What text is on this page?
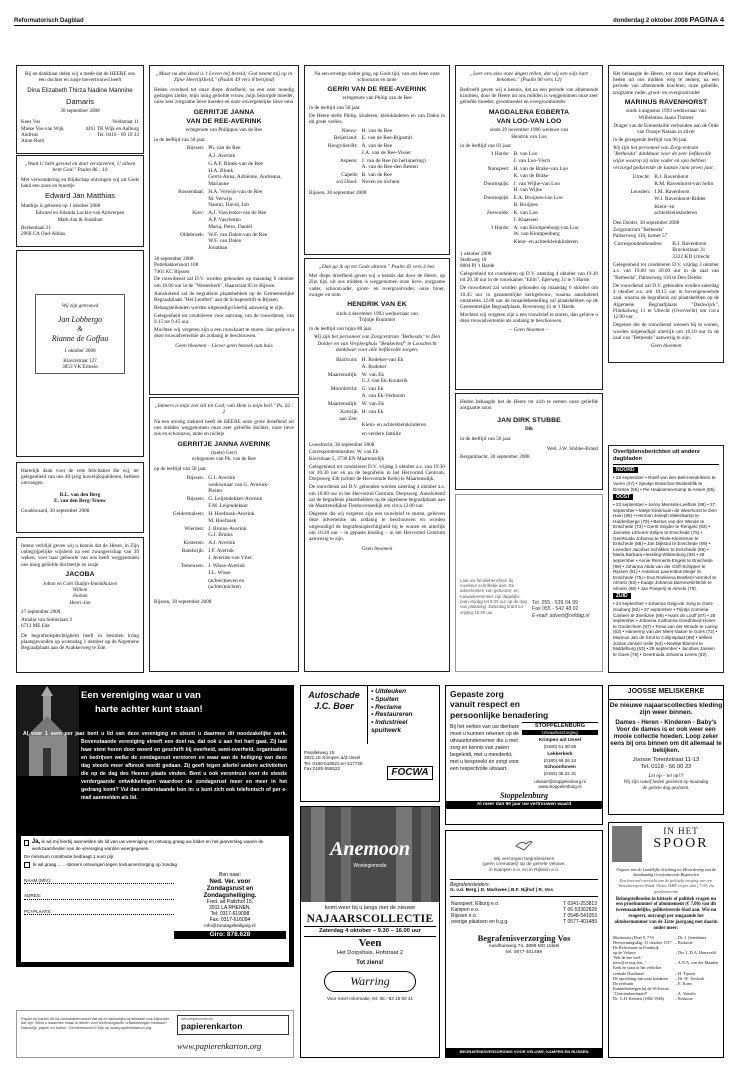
Reformatorisch Dagblad	donderdag 2 oktober 2008 PAGINA 4

Bij en dankbaar delen wij u mede dat de HEERE ons een dochter en zusje toevertrouwd heeft

Dina Elizabeth Thirza Nadine Mannine
Damaris
30 september 2008
Kees Vos
Mieke Vos-van Wijk
Andreas
Anne-Ruth
Veldstraat 11
4261 TB Wijk en Aalburg
Tel. 0416 - 69 10 33

„Want U hebt gevoed en doet verstaveren, U alleen bent God." Psalm 86 : 10

Met verwondering en blijdschap ontvingen wij uit Gods hand een zoon en broertje

Edward Jan Matthias

Matthijs is geboren op 1 oktober 2008

Edward en Jolanda Luckin-van Antwerpen
Mark-Jan & Jonathan

Berkenlaan 21
2969 CA Oud-Alblas

Wij zijn getrouwd
Jan Lobbergo
&
Rianne de Goffau
1 oktober 2008
Klavirstraat 127
3853 VK Ermelo

Hartelijk dank voor de vele felicitaties die wij, ter gelegenheid van ons 40-jarig huwelijksjubileum, hebben ontvangen.

R.L. van den Berg
E. van den Berg-Trouw

Goudswaard, 30 september 2008

Intens verblijd geven wij u kennis dat de Heere, in Zijn onbegrijpelijke wijsheid na een zwangerschap van 39 weken, voor haar geboorte van ons heeft weggenomen ons innig geliefde dochtertje en zusje

JACOBA

Johan en Cobi Oudijn-Immikhuizen
Willem
Joanna
Henri-Jan

27 september 2008

Amalia van Solmslaan 3
6713 ME Ede

De begrafenisplechtigheid heeft in besloten kring plaatsgevonden op woensdag 1 oktober op de Algemene Begraafplaats aan de Arakkerweg te Ede.

„Maar na den dood is 't Leven mij bereid; God neemt mij op in Zijne Heerlijkheid." (Psalm 49 vers 8 berijmd)

Heden overleed tot onze diepe droefheid, na een zeer moedig gedragen ziekte, mijn innig geliefde vrouw, mijn bezorgde moeder, onze zeer zorgzame lieve moeder en onze onvergetelijke lieve oma

GERRITJE JANNA
VAN DE REE-AVERINK
echtgenote van Philippus van de Ree

in de leeftijd van 58 jaar.

Rijssen:	Ph. van de Ree
	A.J. Averink
	G.A.F. Blonk-van de Ree
H.A. Blonk
Gerrit-Anna, Adriënne, Andreana, Marianne
Rossendaal:	H.A. Verwijs-van de Ree
M. Verwijs
Naomi, David, Job
Kiev:	A.J. Vasylenko-van de Ree
A.P. Vasylenko
Maria, Petro, Daniël
Oldebroek:	W.F. van Dalen-van de Ree
W.F. van Dalen
Jonathan

30 september 2008
Pottebakkersoort 108
7461 KC Rijssen

De rouwdienst zal D.V. worden gehouden op maandag 6 oktober om 10.00 uur in de "Westerkerk", Haarstraat 85 te Rijssen.

Aansluitend zal de begrafenis plaatshebben op de Gemeentelijke Begraafplaats "Het Lentfert" aan de Schapendrift te Rijssen.

Belangstellenden worden uitgenodigd hierbij aanwezig te zijn.

Gelegenheid tot condoleren voor aanvang van de rouwdienst, van 9.15 tot 9.45 uur.

Mochten wij vergeten zijn u een rouwkaart te sturen, dan gelieve u deze rouwadvertentie als zodanig te beschouwen.

Geen bloemen – Liever geen bezoek aan huis

„Immers is mijn ziel stil tot God; van Hem is mijn heil." Ps. 62 : 2

Na een ernstig ziekbed heeft de HEERE onze grote droefheid uit ons midden weggenomen onze zeer geliefde dochter, onze lieve zus en schoonzus, tante en nichtje

GERRITJE JANNA AVERINK
(tante) Gerri
echtgenote van Ph. van de Ree

op de leeftijd van 58 jaar.

Rijssen:	G.J. Averink
weduwnaar van G. Averink-
Pleiter
Rijssen:	G. Leijendekker-Averink
F.M. Leijendekker
Geldermalsen:	H. Hoefnask-Averink
M. Hoefnask
Wierden:	J. Bruins-Averink
G.J. Bruins
Kesteren:	A.J. Averink
Bandwijk:	J.F. Averink
J. Averink-van Vliet
Temeuzen:	J. Wisse-Averink
J.L. Wisse
	(achter)neven en
(achter)nichten

Rijssen, 30 september 2008

Na een ernstige ziekte ging, op Gods tijd, van ons heen onze schoonzus en tante

GERRI VAN DE REE-AVERINK
echtgenote van Philip van de Ree

in de leeftijd van 58 jaar.

De Heere stelle Philip, kinderen, kleinkinderen en van Dalen in dit grote verlies.

Nieuw-
Beijerland:	H. van de Ree
E. van de Ree-Rijpsmit
Hoogvliet-Rt:	A. van de Ree
J.A. van de Ree-Visser
Aspeen:	J. van de Ree (in herinnering)
A. van de Ree-den Besten
Capelle
a/d IJssel:	B. van de Ree
Neven en nichten

Rijssen, 30 september 2008

„Dan ga ik op tot Gods altaren." Psalm 43 vers 4 ber.

Met diepe droefheid geven wij u kennis dat door de Heere, op Zijn tijd, uit ons midden is weggenomen onze lieve, zorgzame vader, schoonvader, groot- en overgrootvader, onze broer, zwager en oom

HENDRIK VAN EK
sinds 4 december 1993 weduwnaar van
Trijntje Brummel

in de leeftijd van bijna 80 jaar.

Wij zijn het personeel van Zorgcentrum "Bethesda" te Den Dolder en van Verpleeghuis "Beukenhof" te Loosdrecht dankbaar voor alle liefdevolle zorgen.

Blaricum:	H. Rodeker-van Ek
A. Rodeker
Maartensdijk:	W. van Ek
G.J. van Ek-Kouterik
Moordrecht:	G. van Ek
A. van Ek-Verboom
Maartensdijk:	W. van Ek
Katwijk
aan Zee:	H. van Ek
	Klein- en achterkleinkinderen
	en verdere familie

Loosdrecht, 30 september 2008

Correspondentieadres: W. van Ek
Kievitlaan 5, 3738 EN Maartensdijk

Gelegenheid tot condoleren D.V. vrijdag 3 oktober a.s. van 19.30 tot 20.30 uur en na de begrafenis in het Hervormd Centrum, Dorpsweg 43b (achter de Hervormde Kerk) te Maartensdijk.

De rouwdienst zal D.V. gehouden worden zaterdag 4 oktober a.s. om 10.00 uur in het Hervormd Centrum, Dorpsweg. Aansluitend zal de begrafenis plaatshebben op de algemene begraafplaats aan de Maartensdijkse Tienhovensedijk om circa 12.00 uur.

Degenen die wij vergeten zijn een rouwbrief te sturen, gelieven deze advertentie als zodanig te beschouwen en worden uitgenodigd de begrafenisplechtigheid bij te wonen en uiterlijk om 10.20 uur – in gepaste kleding – in het Hervormd Centrum aanwezig te zijn.

Geen bloemen

„Leer ons alzo onze dagen tellen, dat wij een wijs hart bekomen." (Psalm 90 vers 12)

Bedroefd geven wij u kennis, dat na een periode van afnemende krachten, door de Heere uit ons midden is weggenomen onze zeer geliefde moeder, grootmoeder en overgrootmoeder

MAGDALENA EGBERTA
VAN LOO-VAN LOO
sinds 29 november 1986 weduwe van
Hendrik van Loo

in de leeftijd van 83 jaar.

't Harde:	B. van Loo
J. van Loo-Visch
Nunspeet:	H. van de Brake-van Loo
K. van de Brake
Doornspijk:	J. van Wijhe-van Loo
H. van Wijhe
Doornspijk:	E.A. Bruijnes-van Loo
B. Bruijnes
Zeewolde:	K. van Loo
J. Klaassen
't Harde:	A. van Klompenburg-van Loo
W. van Klompenburg
	Klein- en achterkleinkinderen

1 oktober 2008
Stadsweg 18
8084 PJ 't Harde

Gelegenheid tot condoleren op D.V. zaterdag 4 oktober van 19.30 tot 20.30 uur in de rouwkamer "Elim", Eperweg 31 te 't Harde.

De rouwdienst zal worden gehouden op maandag 6 oktober om 10.45 uur in gezamenlijke kerkgebouw, waarna aansluitend omstreeks 12.00 uur de teraardebestelling zal plaatshebben op de Gemeentelijke Begraafplaats, Bovenweg 41 te 't Harde.

Mochten wij vergeten zijn u een rouwbrief te sturen, dan gelieve u deze rouwadvertentie als zodanig te beschouwen.

– Geen bloemen –

Heden behaagde het de Heere tot zich te nemen onze geliefde zorgzame zoon

JAN DIRK STUBBE
Dik

in de leeftijd van 56 jaar.

Wed. J.W. Stubbe-Brand

Bergambacht, 30 september 2008

Laat uw familieberichten bij voorkeur schriftelijk aan. De advertentiën van geboorte- en rouwadvertenties zijn dagelijks (van vrijdag tot 9.00 uur op de dag van plaatsing. Zaterdag krant tot vrijdag 18.30 uur.

Tel. 055 - 539 04 99
Fax 055 - 542 48 02
E-mail: advert@refdag.nl

Het behaagde de Heere, tot onze diepe droefheid, heden uit ons midden weg te nemen, na een periode van afnemende krachten, onze geliefde, zorgzame vader, groot- en overgrootvader

MARINUS RAVENHORST
sinds 4 augustus 1993 weduwnaar van
Wilhelmina Janna Timmer

Drager van de Eremedaille verbonden aan de Orde van Oranje-Nassau in zilver

in de gezegende leeftijd van 96 jaar.

Wij zijn het personeel van Zorgcentrum "Bethesda" dankbaar voor de zeer liefdevolle wijze waarop zij onze vader en opa hebben verzorgd gedurende de laatste ruim zeven jaar.

Utrecht:	B.J. Ravenhorst
R.M. Ravenhorst-van Selm
Leusden:	J.M. Ravenhorst
W.J. Ravenhorst-Ridder
	Klein- en achterkleinkinderen

Den Dolder, 30 september 2008
Zorgcentrum "Bethesda"
Paltzerweg 310, kamer 57

Correspondentieadres:	B.J. Ravenhorst
Bruckerlaan 31
3322 KD Utrecht

Gelegenheid tot condoleren D.V. vrijdag 3 oktober a.s. van 19.00 tot 20.00 uur in de zaal van "Bethesda", Paltzerweg 310 te Den Dolder.

De rouwdienst zal D.V. gehouden worden zaterdag 4 oktober a.s. om 10.15 uur in bovengenoemde zaal, waarna de begrafenis zal plaatshebben op de Algemene Begraafplaats "Dashwijck", Flintkalweg 11 te Utrecht (Overvecht) om circa 12.00 uur.

Degenen die de rouwdienst wensen bij te wonen, worden uitgenodigd uiterlijk om 10.10 uur in de zaal van "Bethesda" aanwezig te zijn.

Geen bloemen

Overlijdensberichten uit andere dagbladen
NOORD

• 28 september • Roelf van den Belt-Hendriksen te Vuren (47) • Sjoukje Bosschar-Wodenblik te Dronten (56) • Pie Haaksema-Kamp te Assen (85).

OOST

• 23 september • Jenny Mensink-Leeftink (89) • 27 september • Metje Klinkmann-de Weerhorst te Den Ham (89) • Herman Joseph Malenkamp te Hardenberge (78) • Bertus van der Wende te Enschede (73) • Gerrit Snijder te Rengelo (83) • Janneke Lithoren-Zelijes te Enschede (75) • Geertruida Johanna te Riele-Kleinsman te Enschede (88) • Jan Dijkstra te Enschede (69) • Leendert Jacobus Schlikker te Enschede (85) • Maria Barbara Hessling-Wildenborg (84) • 28 september • Annie Rennerts-Engels te Enschede (98) • Johanna Alida van der Griff-Schipper te Rijssen (91) • Antonius Laurentius Meijer te Enschede (75) • Eva Rosleena Boetlem-Vernhof te Almelo (83) • Kaatje Johanna Barneveld-Brink te Almelo (88) • Jan Poeperij te Almelo (78).

ZUID

• 24 september • Johanna Geijp-de Jong te Oost-Souburg (82) • 27 september • Trijntje Cornelia Canteer te Zierikzee (88) • Hans de Looff (87) • 28 september • Johanna Catharina Goedhloed-Hoser te Goriinchem (97) • Tonia van der Woude te Laring (63) • Hannemy van der Meet-Vaane te Goes (72) • Marinus Jan de Smit te Colijnsplaat (89) • Willem Jozias Jansen Velle (64) • Neeltje Blommi te Middelburg (63) • 29 september • Jacobus Jansen te Goes (78) • Geertruida Johanna Lenes (92).

Een vereniging waar u van
harte achter kunt staan!

Al voor 1 euro per jaar bent u lid van deze vereniging en steunt u daarmee dit noodzakelijke werk. Bovenstaande vereniging streeft een doel na, dat ook ú aan het hart gaat. Zij laat haar stem horen door woord en geschrift bij overheid, semi-overheid, organisaties en bedrijven welke de zondagsrust verstoren en waar aan de heiliging van deze dag steeds meer afbreuk wordt gedaan. Zij geeft tegen allerlei andere activiteiten die op de dag des Heeren plaats vinden. Bent u ook verontrust over de steeds verdergaande ontwikkelingen waardoor de zondagsrust meer en meer in het gedrang komt? Vul dan onderstaande bon in: u kunt zich ook telefonisch of per e-mail aanmelden als lid.

Ja, ik wil mij hierbij aanmelden als lid van uw vereniging en ontvang graag uw folder en het jaarverslag waarin de werkzaamheden van de vereniging worden weergegeven.

De minimum contributie bedraagt 1 euro p/jr.

Ik wil graag ...... stickers ontvangen tegen textuurverzorging op zondag
NAAM (M/V):
ADRES:
PC+PLAATS:
Bon naar:
Ned. Ver. voor
Zondagsrust en
Zondagsheiliging.
Fred. ad Paltzhof 15,
3911 LA RHENEN.
Tel: 0317-619098
Fax: 0317-616094
info@zondagsheiliging.nl
Giro: 878.628

Papier en karton dit na consultatiemonsel dat wij er nauwelijks bij stilstaan hoe bijzonder dat zijn. Weet u waarmee maak ik dieren voor technologische ontwikkelingen bestaan? Natuurlijk, papier en karton. Geïnteresseerd? Kijk op www.papierenkarton.org

informatiecentrum
papierenkarton
www.papierenkarton.org
Autoschade
J.C. Boer
• Uitdeuken
• Spuiten
• Reclame
• Restaureren
• Industrieel spuitwerk

Parallelweg 15
2921 LE Krimpen a/d IJssel
Tel. 0180-518523 en 517728
Fax 0180-555522	FOCWA
Anemoon
Woninginmode
komt weer bij u langs met de nieuwe
NAJAARSCOLLECTIE
Zaterdag 4 oktober – 9.30 – 16.00 uur
Veen
Het Dorpshuis, Hofstraat 2
Tot ziens!
Warring
Voor meer informatie, tel. 06 - 53 15 60 41
Gepaste zorg
vanuit respect en
persoonlijke benadering

Bij het verlies van uw dierbare moet u kunnen rekenen op de uitvaartondernemer die u met zorg en kennis van zaken begeleidt, met u meedenkt, met u bespreekt en zorgt voor een respectvolle uitvaart.

STOPPELENBURG
Uitvaartverzorging
Krimpen a/d IJssel
(0180) 51 30 55
Lekkerkerk
(0180) 66 26 24
Schoonhoven
(0182) 38 22 31
uitvaart@stoppelenburg.nl
www.stoppelenburg.nl
Stoppelenburg
Al meer dan 90 jaar uw vertrouwen waard

Wij verzorgen begrafenissen
(geen crematies) op de gehele Veluwe,
in Kampen e.o. en in Rijssen e.o.

Begrafenisleiders:
G. v.d. Berg | D. Markwee | B.F. Nijhof | R. Vos
Nunspeet, Elburg e.o.	T 0341-253813
Kampen e.o.	T 06-53362828
Rijssen e.o.	T 0548-541053
overige plaatsen en b.g.g.	T 0577-401489
Begrafenisverzorging Vos
Aardhuisweg 74, 3888 MG Uddel
tel. 0577-401489
BEGRAFENISVERZORGING VOOR VELUWE, KAMPEN EN RIJSSEN
JOOSSE MELISKERKE
De nieuwe najaarscollecties kleding zijn weer binnen.
Dames - Heren - Kinderen - Baby's
Voor de dames is er ook weer een mooie collectie hoeden. Loop zeker eens bij ons binnen om dit allemaal te bekijken.
Joosse Torentstraat 11-13
Tel. 0118 - 56 00 22
Let op – let op!!!
Wij zijn vanaf heden gesloten op maandag
de gehele dag gesloten.
IN HET
SPOOR

Uitgave van de Landelijke Stichting ter Bevordering van de Staatkundig Gereformeerde Beginselen

Een boeiend overzicht van de politieke roeping van een Voorzitterspoor Raad. Nieuw ISBN en per stuk f 7.00, via gereformeerde

Belangstellenden in historie of politiek vragen nu een proefnummer of abonnement (€ 7,00) van dit tweemaandelijks, geïllustreerde blad aan. Wie nu reageert, ontvangt per omgaande het oktobernummer van de 32ste jaargang met daarin onder meer:

Mackenzie (Deel 9, 7-9)	– Dr. J. Grandinier
Herwormingsdag, 31 oktober 1517	– Redactie
De Reformatie in Frankrijk	
op de Veluwe	– Drs. L.D.A. Harreveld
'Wat de ene veel,'	
terwijl er nog iets...'	– A.N.A. van der Maaden
Kerk en staat in het verlichte	
centrale Duitsland	– H. Tijssen
De oprichting van onze kinderen	– Dr. W. Tersloek
De zeilvaart	– E. Koen
Kantinlenbergen bij de SGS-nota	
"Christenbeschaafd"	– A. Vemelo
Ds. G.H. Kersten (1882-1948)	– Redactie
